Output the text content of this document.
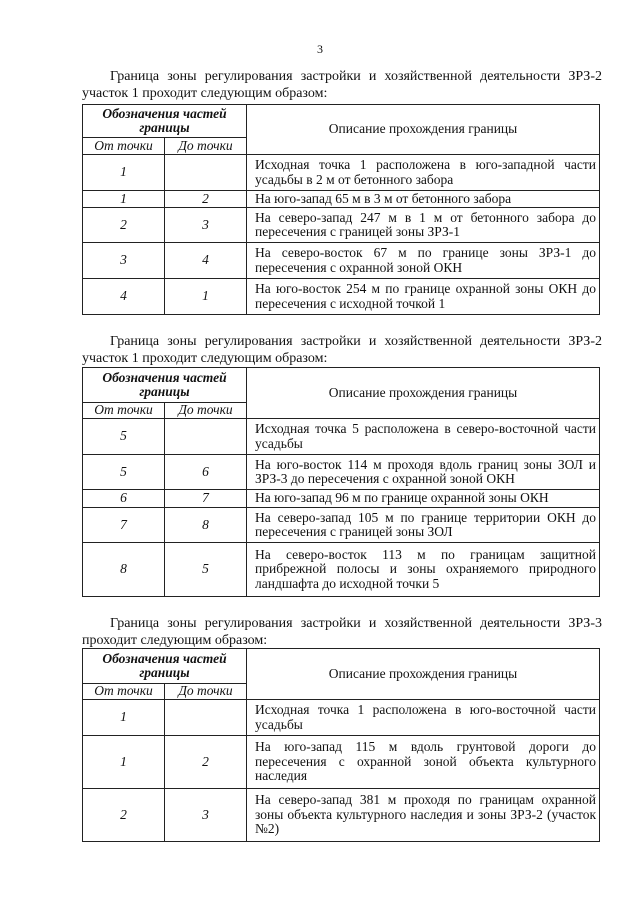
3
Граница зоны регулирования застройки и хозяйственной деятельности ЗРЗ-2
участок 1 проходит следующим образом:
Обозначения частей границы		Описание прохождения границы
От точки	До точки	
1		Исходная точка 1 расположена в юго-западной части усадьбы в 2 м от бетонного забора
1	2	На юго-запад 65 м в 3 м от бетонного забора
2	3	На северо-запад 247 м в 1 м от бетонного забора до пересечения с границей зоны ЗРЗ-1
3	4	На северо-восток 67 м по границе зоны ЗРЗ-1 до пересечения с охранной зоной ОКН
4	1	На юго-восток 254 м по границе охранной зоны ОКН до пересечения с исходной точкой 1
Граница зоны регулирования застройки и хозяйственной деятельности ЗРЗ-2
участок 1 проходит следующим образом:
Обозначения частей границы		Описание прохождения границы
От точки	До точки	
5		Исходная точка 5 расположена в северо-восточной части усадьбы
5	6	На юго-восток 114 м проходя вдоль границ зоны ЗОЛ и ЗРЗ-3 до пересечения с охранной зоной ОКН
6	7	На юго-запад 96 м по границе охранной зоны ОКН
7	8	На северо-запад 105 м по границе территории ОКН до пересечения с границей зоны ЗОЛ
8	5	На северо-восток 113 м по границам защитной прибрежной полосы и зоны охраняемого природного ландшафта до исходной точки 5
Граница зоны регулирования застройки и хозяйственной деятельности ЗРЗ-3
проходит следующим образом:
Обозначения частей границы		Описание прохождения границы
От точки	До точки	
1		Исходная точка 1 расположена в юго-восточной части усадьбы
1	2	На юго-запад 115 м вдоль грунтовой дороги до пересечения с охранной зоной объекта культурного наследия
2	3	На северо-запад 381 м проходя по границам охранной зоны объекта культурного наследия и зоны ЗРЗ-2 (участок №2)
